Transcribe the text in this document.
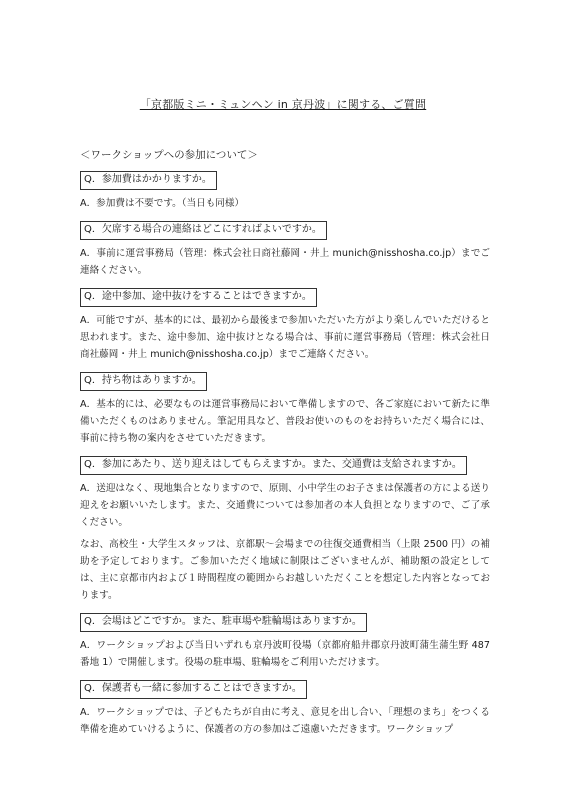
「京都版ミニ・ミュンヘン in 京丹波」に関する、ご質問
＜ワークショップへの参加について＞
Q．参加費はかかりますか。

A．参加費は不要です。（当日も同様）

Q．欠席する場合の連絡はどこにすればよいですか。

A．事前に運営事務局（管理：株式会社日商社藤岡・井上 munich@nisshosha.co.jp）までご連絡ください。

Q．途中参加、途中抜けをすることはできますか。

A．可能ですが、基本的には、最初から最後まで参加いただいた方がより楽しんでいただけると思われます。また、途中参加、途中抜けとなる場合は、事前に運営事務局（管理：株式会社日商社藤岡・井上 munich@nisshosha.co.jp）までご連絡ください。

Q．持ち物はありますか。

A．基本的には、必要なものは運営事務局において準備しますので、各ご家庭において新たに準備いただくものはありません。筆記用具など、普段お使いのものをお持ちいただく場合には、事前に持ち物の案内をさせていただきます。

Q．参加にあたり、送り迎えはしてもらえますか。また、交通費は支給されますか。

A．送迎はなく、現地集合となりますので、原則、小中学生のお子さまは保護者の方による送り迎えをお願いいたします。また、交通費については参加者の本人負担となりますので、ご了承ください。

なお、高校生・大学生スタッフは、京都駅～会場までの往復交通費相当（上限 2500 円）の補助を予定しております。ご参加いただく地域に制限はございませんが、補助額の設定としては、主に京都市内および１時間程度の範囲からお越しいただくことを想定した内容となっております。

Q．会場はどこですか。また、駐車場や駐輪場はありますか。

A．ワークショップおよび当日いずれも京丹波町役場（京都府船井郡京丹波町蒲生蒲生野 487 番地 1）で開催します。役場の駐車場、駐輪場をご利用いただけます。

Q．保護者も一緒に参加することはできますか。

A．ワークショップでは、子どもたちが自由に考え、意見を出し合い、「理想のまち」をつくる準備を進めていけるように、保護者の方の参加はご遠慮いただきます。ワークショップ
